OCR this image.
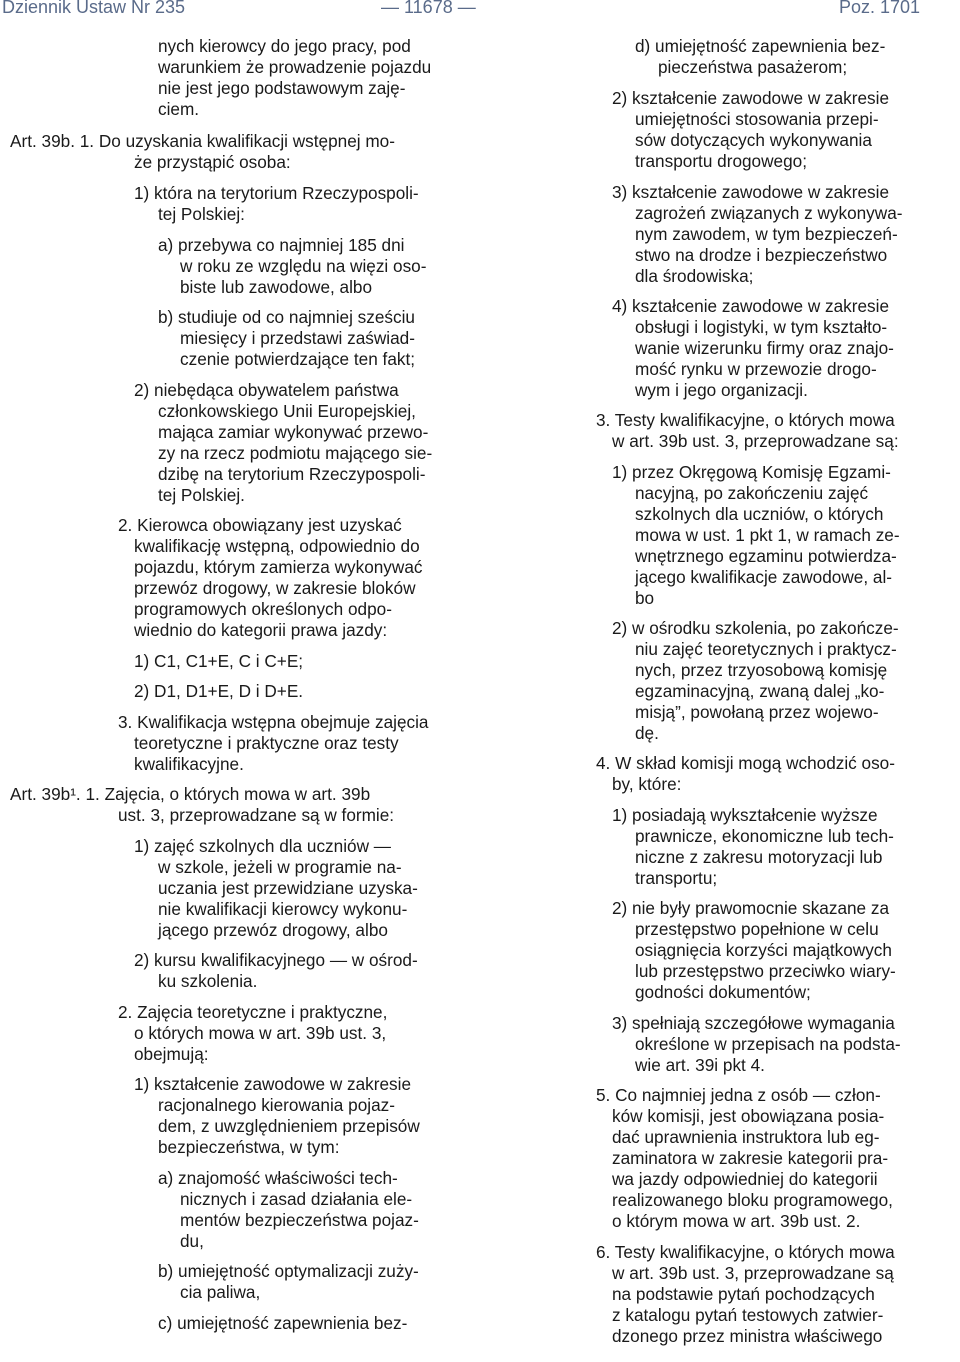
Dziennik Ustaw Nr 235	— 11678 —	Poz. 1701
nych kierowcy do jego pracy, pod
warunkiem że prowadzenie pojazdu
nie jest jego podstawowym zaję-
ciem.
Art. 39b. 1. Do uzyskania kwalifikacji wstępnej mo-
że przystąpić osoba:
1) która na terytorium Rzeczypospoli-
tej Polskiej:
a) przebywa co najmniej 185 dni
w roku ze względu na więzi oso-
biste lub zawodowe, albo
b) studiuje od co najmniej sześciu
miesięcy i przedstawi zaświad-
czenie potwierdzające ten fakt;
2) niebędąca obywatelem państwa
członkowskiego Unii Europejskiej,
mająca zamiar wykonywać przewo-
zy na rzecz podmiotu mającego sie-
dzibę na terytorium Rzeczypospoli-
tej Polskiej.
2. Kierowca obowiązany jest uzyskać
kwalifikację wstępną, odpowiednio do
pojazdu, którym zamierza wykonywać
przewóz drogowy, w zakresie bloków
programowych określonych odpo-
wiednio do kategorii prawa jazdy:
1) C1, C1+E, C i C+E;
2) D1, D1+E, D i D+E.
3. Kwalifikacja wstępna obejmuje zajęcia
teoretyczne i praktyczne oraz testy
kwalifikacyjne.
Art. 39b¹. 1. Zajęcia, o których mowa w art. 39b
ust. 3, przeprowadzane są w formie:
1) zajęć szkolnych dla uczniów —
w szkole, jeżeli w programie na-
uczania jest przewidziane uzyska-
nie kwalifikacji kierowcy wykonu-
jącego przewóz drogowy, albo
2) kursu kwalifikacyjnego — w ośrod-
ku szkolenia.
2. Zajęcia teoretyczne i praktyczne,
o których mowa w art. 39b ust. 3,
obejmują:
1) kształcenie zawodowe w zakresie
racjonalnego kierowania pojaz-
dem, z uwzględnieniem przepisów
bezpieczeństwa, w tym:
a) znajomość właściwości tech-
nicznych i zasad działania ele-
mentów bezpieczeństwa pojaz-
du,
b) umiejętność optymalizacji zuży-
cia paliwa,
c) umiejętność zapewnienia bez-
d) umiejętność zapewnienia bez-
pieczeństwa pasażerom;
2) kształcenie zawodowe w zakresie
umiejętności stosowania przepi-
sów dotyczących wykonywania
transportu drogowego;
3) kształcenie zawodowe w zakresie
zagrożeń związanych z wykonywa-
nym zawodem, w tym bezpieczeń-
stwo na drodze i bezpieczeństwo
dla środowiska;
4) kształcenie zawodowe w zakresie
obsługi i logistyki, w tym kształto-
wanie wizerunku firmy oraz znajo-
mość rynku w przewozie drogo-
wym i jego organizacji.
3. Testy kwalifikacyjne, o których mowa
w art. 39b ust. 3, przeprowadzane są:
1) przez Okręgową Komisję Egzami-
nacyjną, po zakończeniu zajęć
szkolnych dla uczniów, o których
mowa w ust. 1 pkt 1, w ramach ze-
wnętrznego egzaminu potwierdza-
jącego kwalifikacje zawodowe, al-
bo
2) w ośrodku szkolenia, po zakończe-
niu zajęć teoretycznych i praktycz-
nych, przez trzyosobową komisję
egzaminacyjną, zwaną dalej „ko-
misją”, powołaną przez wojewo-
dę.
4. W skład komisji mogą wchodzić oso-
by, które:
1) posiadają wykształcenie wyższe
prawnicze, ekonomiczne lub tech-
niczne z zakresu motoryzacji lub
transportu;
2) nie były prawomocnie skazane za
przestępstwo popełnione w celu
osiągnięcia korzyści majątkowych
lub przestępstwo przeciwko wiary-
godności dokumentów;
3) spełniają szczegółowe wymagania
określone w przepisach na podsta-
wie art. 39i pkt 4.
5. Co najmniej jedna z osób — człon-
ków komisji, jest obowiązana posia-
dać uprawnienia instruktora lub eg-
zaminatora w zakresie kategorii pra-
wa jazdy odpowiedniej do kategorii
realizowanego bloku programowego,
o którym mowa w art. 39b ust. 2.
6. Testy kwalifikacyjne, o których mowa
w art. 39b ust. 3, przeprowadzane są
na podstawie pytań pochodzących
z katalogu pytań testowych zatwier-
dzonego przez ministra właściwego
